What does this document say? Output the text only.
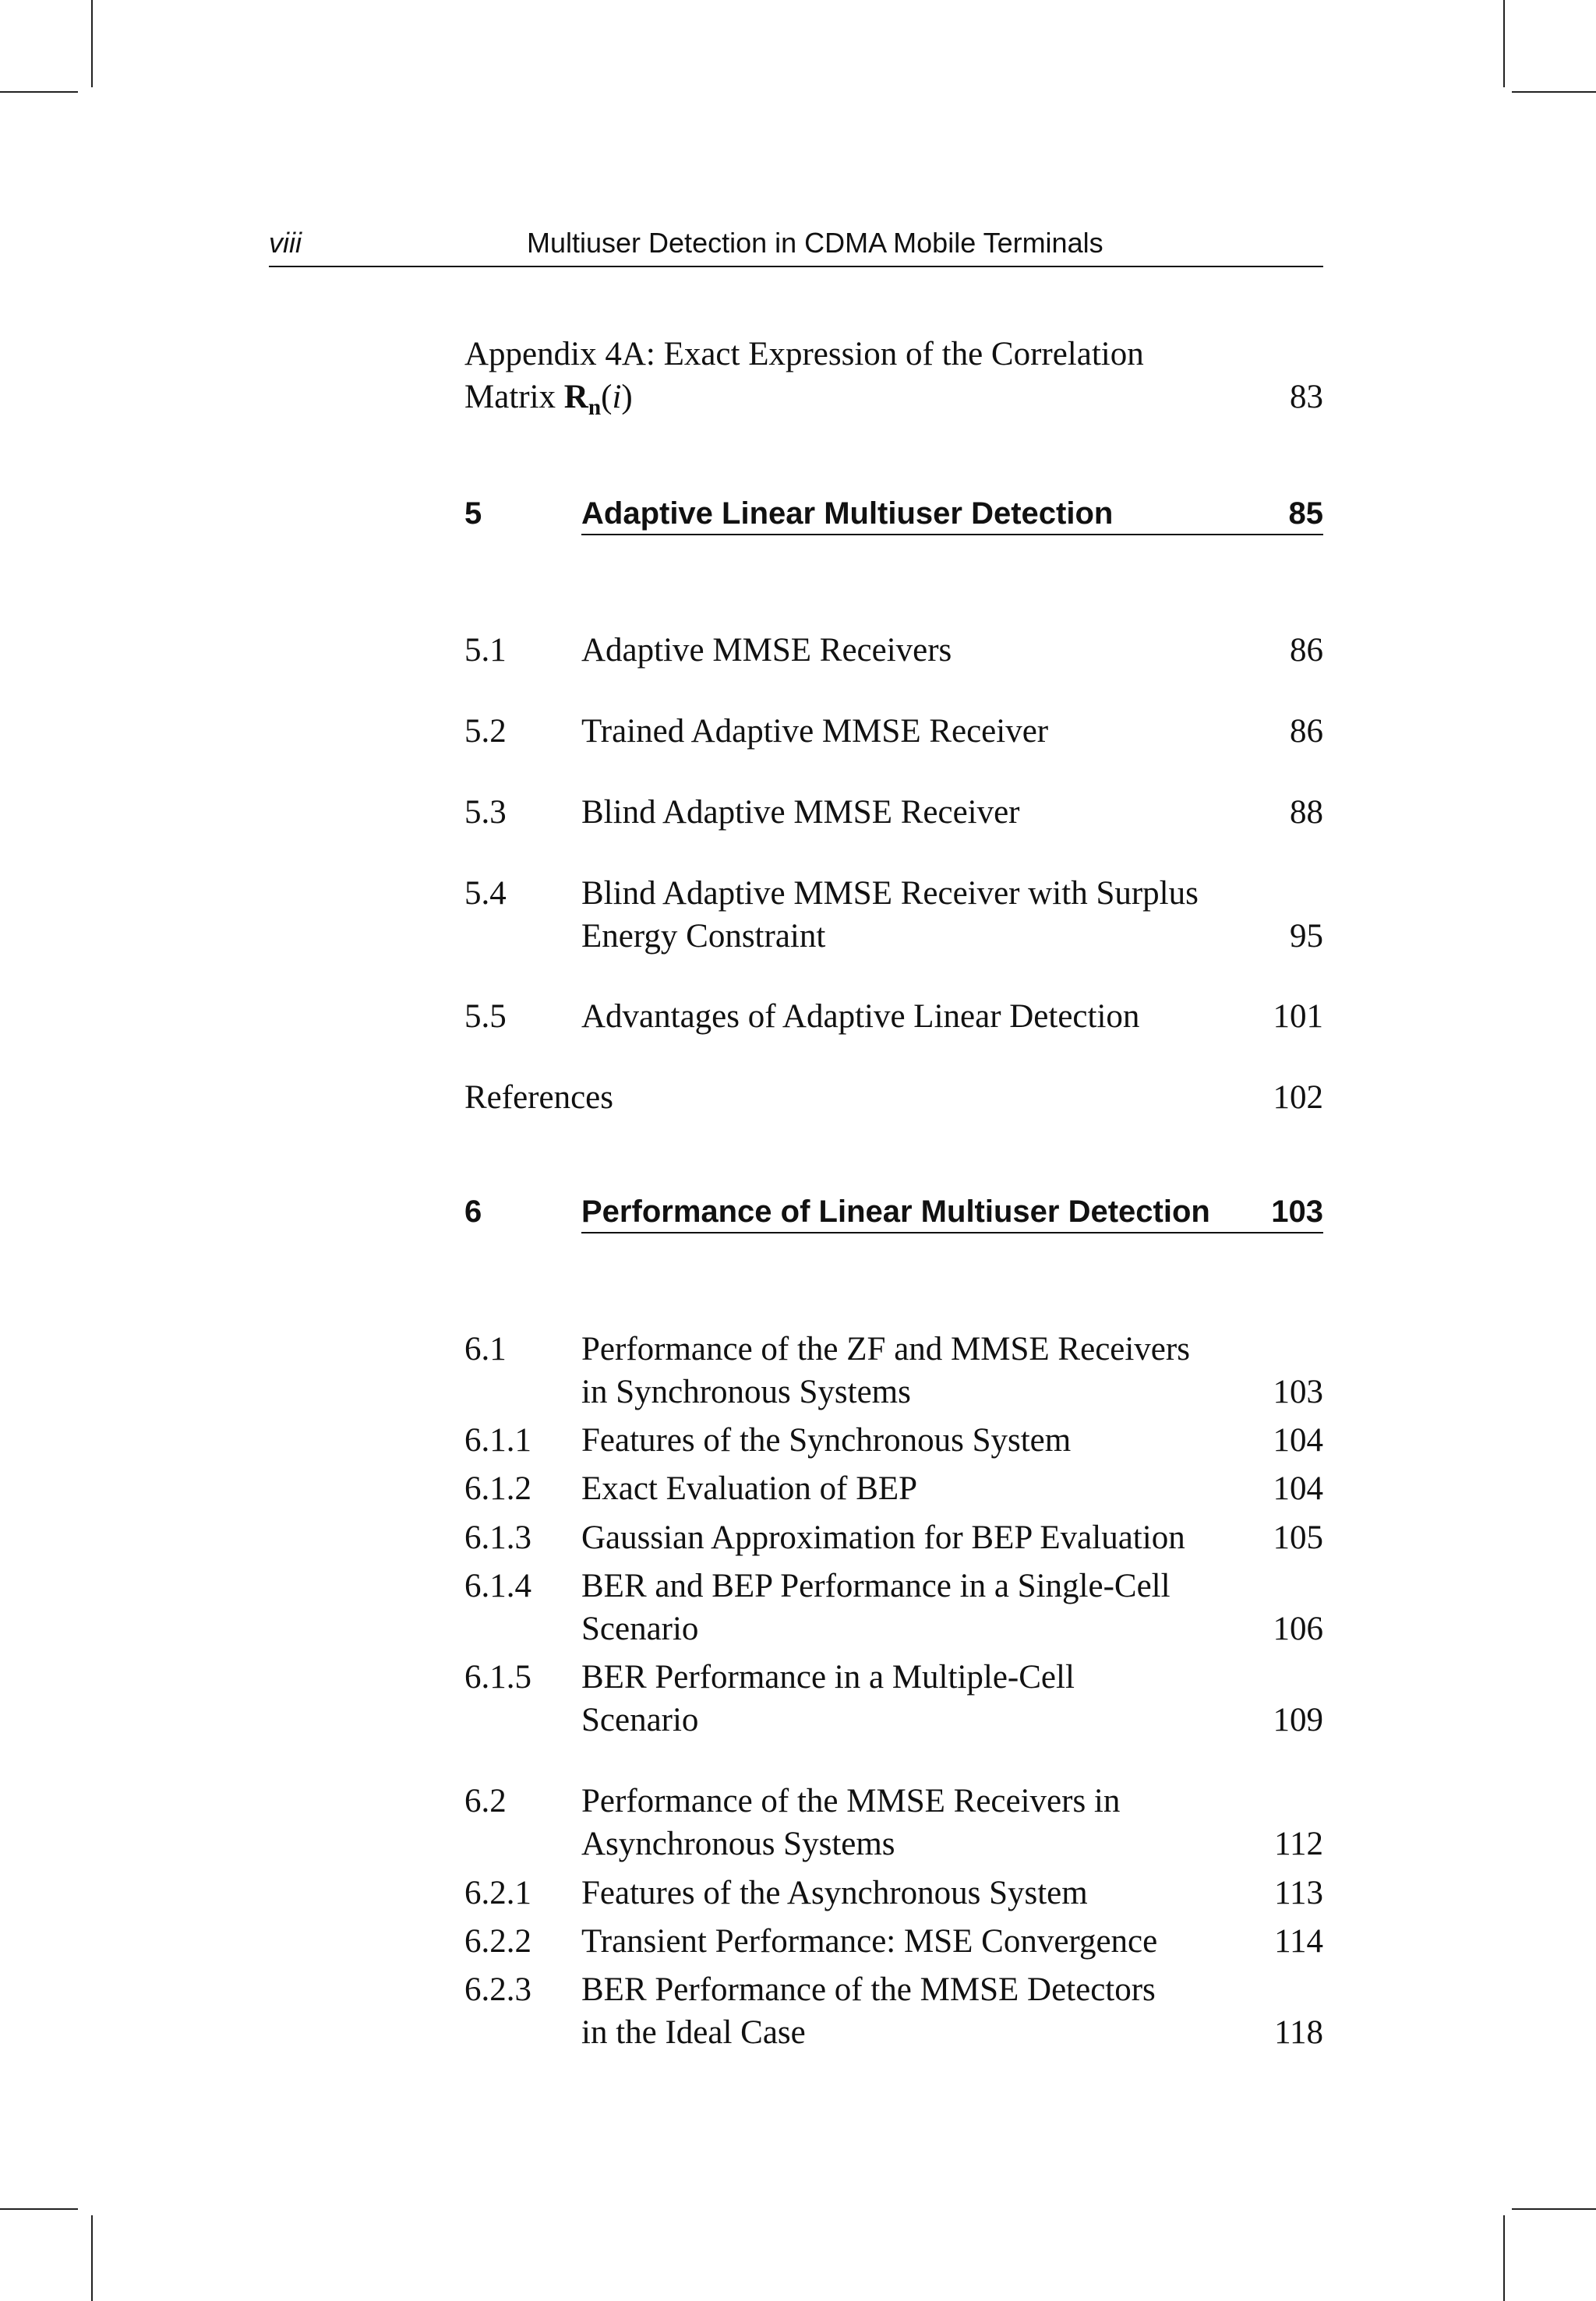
viii	Multiuser Detection in CDMA Mobile Terminals
Appendix 4A: Exact Expression of the Correlation
Matrix $R_n(i)$	83
5	Adaptive Linear Multiuser Detection	85
5.1 Adaptive MMSE Receivers	86
5.2 Trained Adaptive MMSE Receiver	86
5.3 Blind Adaptive MMSE Receiver	88
5.4 Blind Adaptive MMSE Receiver with Surplus
Energy Constraint	95
5.5 Advantages of Adaptive Linear Detection	101
References	102
6	Performance of Linear Multiuser Detection 103
6.1 Performance of the ZF and MMSE Receivers
in Synchronous Systems	103
6.1.1 Features of the Synchronous System	104
6.1.2 Exact Evaluation of BEP	104
6.1.3 Gaussian Approximation for BEP Evaluation	105
6.1.4 BER and BEP Performance in a Single-Cell
Scenario	106
6.1.5 BER Performance in a Multiple-Cell
Scenario	109
6.2 Performance of the MMSE Receivers in
Asynchronous Systems	112
6.2.1 Features of the Asynchronous System	113
6.2.2 Transient Performance: MSE Convergence	114
6.2.3 BER Performance of the MMSE Detectors
in the Ideal Case	118
